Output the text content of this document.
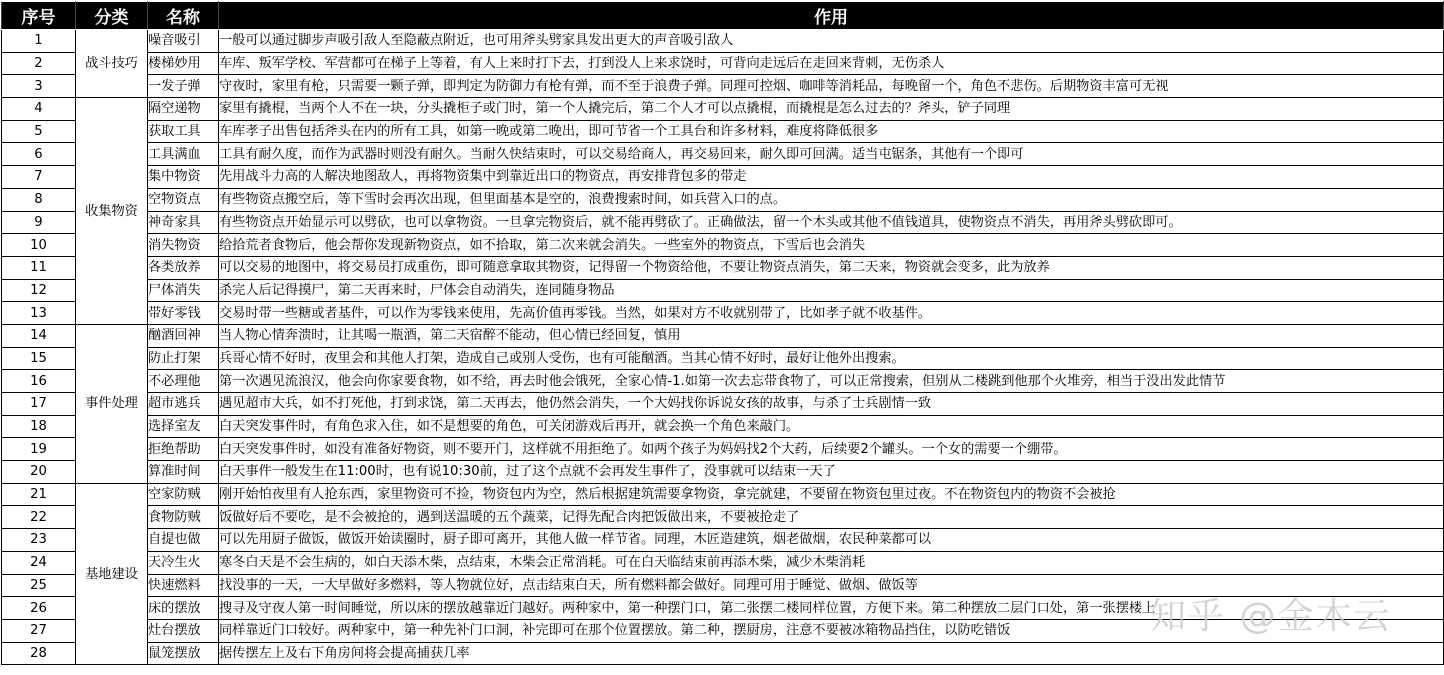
序号	分类	名称	作用
1	战斗技巧	噪音吸引	一般可以通过脚步声吸引敌人至隐蔽点附近，也可用斧头劈家具发出更大的声音吸引敌人
2		楼梯妙用	车库、叛军学校、军营都可在梯子上等着，有人上来时打下去，打到没人上来求饶时，可背向走远后在走回来背刺，无伤杀人
3		一发子弹	守夜时，家里有枪，只需要一颗子弹，即判定为防御力有枪有弹，而不至于浪费子弹。同理可控烟、咖啡等消耗品，每晚留一个，角色不悲伤。后期物资丰富可无视
4	收集物资	隔空递物	家里有撬棍，当两个人不在一块，分头撬柜子或门时，第一个人撬完后，第二个人才可以点撬棍，而撬棍是怎么过去的？斧头，铲子同理
5		获取工具	车库孝子出售包括斧头在内的所有工具，如第一晚或第二晚出，即可节省一个工具台和许多材料，难度将降低很多
6		工具满血	工具有耐久度，而作为武器时则没有耐久。当耐久快结束时，可以交易给商人，再交易回来，耐久即可回满。适当屯锯条，其他有一个即可
7		集中物资	先用战斗力高的人解决地图敌人，再将物资集中到靠近出口的物资点，再安排背包多的带走
8		空物资点	有些物资点搬空后，等下雪时会再次出现，但里面基本是空的，浪费搜索时间，如兵营入口的点。
9		神奇家具	有些物资点开始显示可以劈砍，也可以拿物资。一旦拿完物资后，就不能再劈砍了。正确做法，留一个木头或其他不值钱道具，使物资点不消失，再用斧头劈砍即可。
10		消失物资	给拾荒者食物后，他会帮你发现新物资点，如不拾取，第二次来就会消失。一些室外的物资点，下雪后也会消失
11		各类放养	可以交易的地图中，将交易员打成重伤，即可随意拿取其物资，记得留一个物资给他，不要让物资点消失，第二天来，物资就会变多，此为放养
12		尸体消失	杀完人后记得摸尸，第二天再来时，尸体会自动消失，连同随身物品
13		带好零钱	交易时带一些糖或者基件，可以作为零钱来使用，先高价值再零钱。当然，如果对方不收就别带了，比如孝子就不收基件。
14	事件处理	酗酒回神	当人物心情奔溃时，让其喝一瓶酒，第二天宿醉不能动，但心情已经回复，慎用
15		防止打架	兵哥心情不好时，夜里会和其他人打架，造成自己或别人受伤，也有可能酗酒。当其心情不好时，最好让他外出搜索。
16		不必理他	第一次遇见流浪汉，他会向你家要食物，如不给，再去时他会饿死，全家心情-1.如第一次去忘带食物了，可以正常搜索，但别从二楼跳到他那个火堆旁，相当于没出发此情节
17		超市逃兵	遇见超市大兵，如不打死他，打到求饶，第二天再去，他仍然会消失，一个大妈找你诉说女孩的故事，与杀了士兵剧情一致
18		选择室友	白天突发事件时，有角色求入住，如不是想要的角色，可关闭游戏后再开，就会换一个角色来敲门。
19		拒绝帮助	白天突发事件时，如没有准备好物资，则不要开门，这样就不用拒绝了。如两个孩子为妈妈找2个大药，后续要2个罐头。一个女的需要一个绷带。
20		算准时间	白天事件一般发生在11:00时，也有说10:30前，过了这个点就不会再发生事件了，没事就可以结束一天了
21	基地建设	空家防贼	刚开始怕夜里有人抢东西，家里物资可不捡，物资包内为空，然后根据建筑需要拿物资，拿完就建，不要留在物资包里过夜。不在物资包内的物资不会被抢
22		食物防贼	饭做好后不要吃，是不会被抢的，遇到送温暖的五个蔬菜，记得先配合肉把饭做出来，不要被抢走了
23		自提也做	可以先用厨子做饭，做饭开始读圈时，厨子即可离开，其他人做一样节省。同理，木匠造建筑，烟老做烟，农民种菜都可以
24		天冷生火	寒冬白天是不会生病的，如白天添木柴，点结束，木柴会正常消耗。可在白天临结束前再添木柴，减少木柴消耗
25		快速燃料	找没事的一天，一大早做好多燃料，等人物就位好，点击结束白天，所有燃料都会做好。同理可用于睡觉、做烟、做饭等
26		床的摆放	搜寻及守夜人第一时间睡觉，所以床的摆放越靠近门越好。两种家中，第一种摆门口，第二张摆二楼同样位置，方便下来。第二种摆放二层门口处，第一张摆楼上
27		灶台摆放	同样靠近门口较好。两种家中，第一种先补门口洞，补完即可在那个位置摆放。第二种，摆厨房，注意不要被冰箱物品挡住，以防吃错饭
28		鼠笼摆放	据传摆左上及右下角房间将会提高捕获几率
知乎 @金木云
